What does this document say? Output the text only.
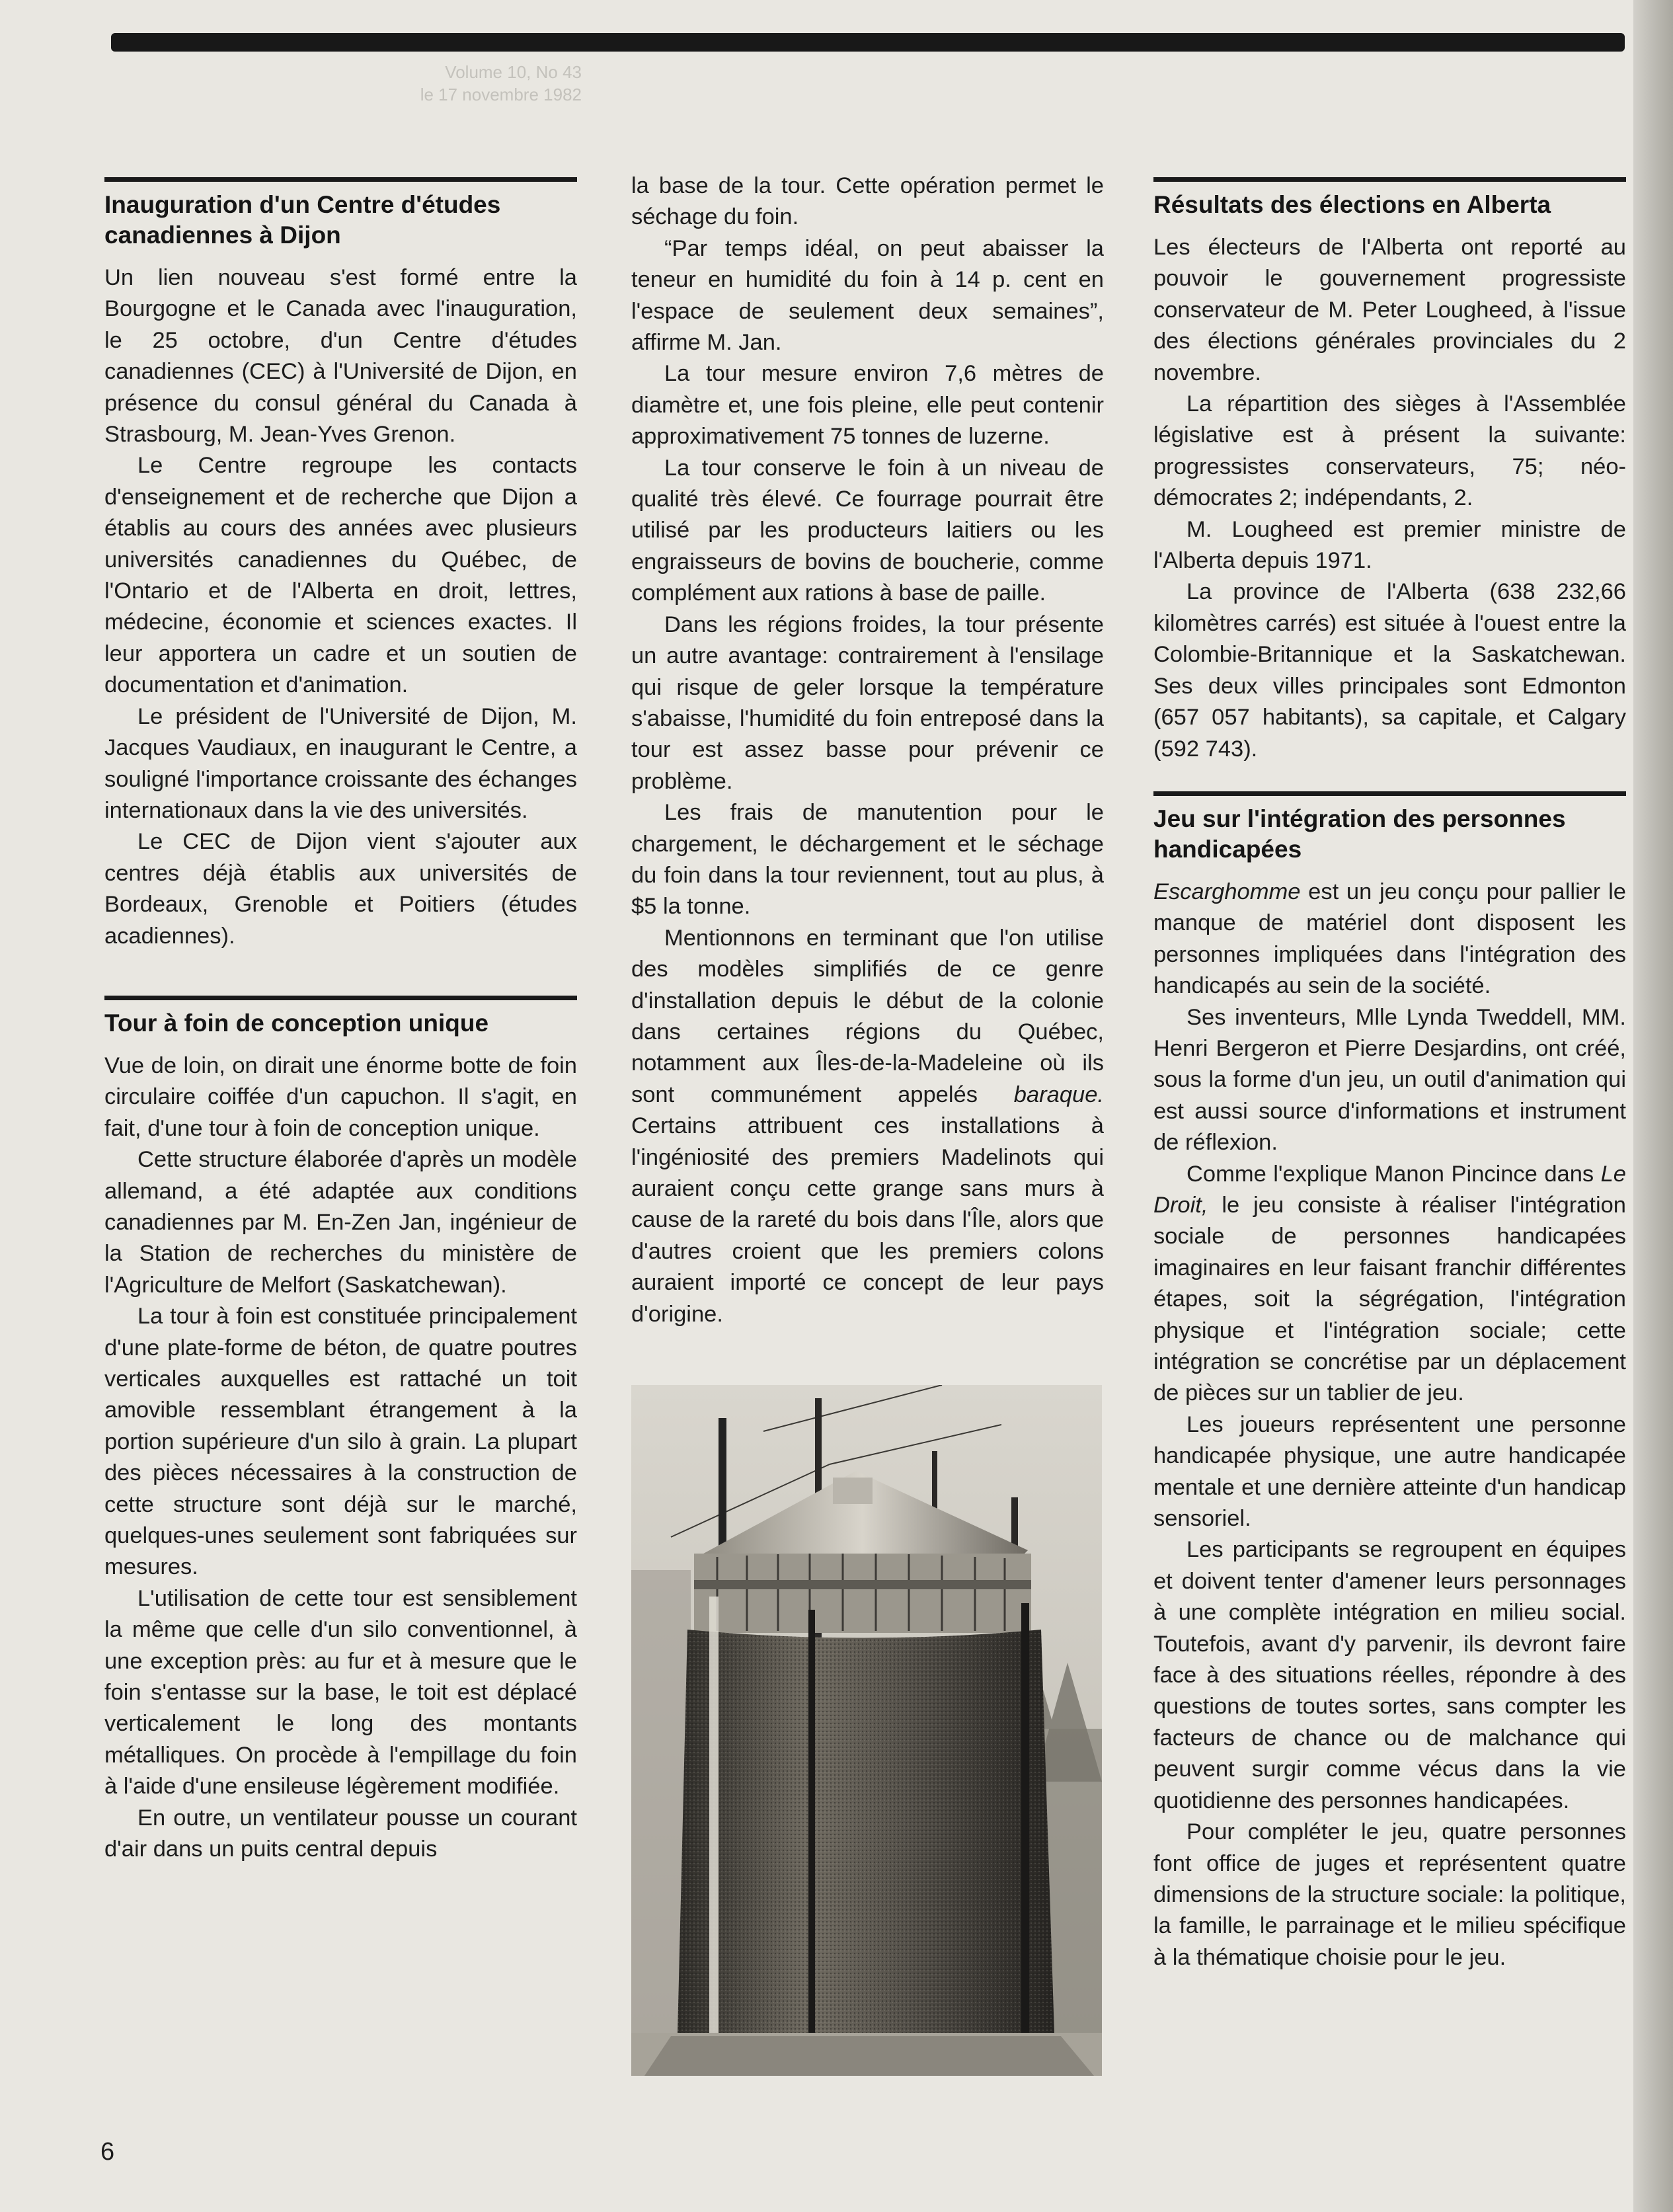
Volume 10, No 43
le 17 novembre 1982
Inauguration d'un Centre d'études canadiennes à Dijon

Un lien nouveau s'est formé entre la Bourgogne et le Canada avec l'inauguration, le 25 octobre, d'un Centre d'études canadiennes (CEC) à l'Université de Dijon, en présence du consul général du Canada à Strasbourg, M. Jean-Yves Grenon.

Le Centre regroupe les contacts d'enseignement et de recherche que Dijon a établis au cours des années avec plusieurs universités canadiennes du Québec, de l'Ontario et de l'Alberta en droit, lettres, médecine, économie et sciences exactes. Il leur apportera un cadre et un soutien de documentation et d'animation.

Le président de l'Université de Dijon, M. Jacques Vaudiaux, en inaugurant le Centre, a souligné l'importance croissante des échanges internationaux dans la vie des universités.

Le CEC de Dijon vient s'ajouter aux centres déjà établis aux universités de Bordeaux, Grenoble et Poitiers (études acadiennes).

Tour à foin de conception unique

Vue de loin, on dirait une énorme botte de foin circulaire coiffée d'un capuchon. Il s'agit, en fait, d'une tour à foin de conception unique.

Cette structure élaborée d'après un modèle allemand, a été adaptée aux conditions canadiennes par M. En-Zen Jan, ingénieur de la Station de recherches du ministère de l'Agriculture de Melfort (Saskatchewan).

La tour à foin est constituée principalement d'une plate-forme de béton, de quatre poutres verticales auxquelles est rattaché un toit amovible ressemblant étrangement à la portion supérieure d'un silo à grain. La plupart des pièces nécessaires à la construction de cette structure sont déjà sur le marché, quelques-unes seulement sont fabriquées sur mesures.

L'utilisation de cette tour est sensiblement la même que celle d'un silo conventionnel, à une exception près: au fur et à mesure que le foin s'entasse sur la base, le toit est déplacé verticalement le long des montants métalliques. On procède à l'empillage du foin à l'aide d'une ensileuse légèrement modifiée.

En outre, un ventilateur pousse un courant d'air dans un puits central depuis

la base de la tour. Cette opération permet le séchage du foin.

“Par temps idéal, on peut abaisser la teneur en humidité du foin à 14 p. cent en l'espace de seulement deux semaines”, affirme M. Jan.

La tour mesure environ 7,6 mètres de diamètre et, une fois pleine, elle peut contenir approximativement 75 tonnes de luzerne.

La tour conserve le foin à un niveau de qualité très élevé. Ce fourrage pourrait être utilisé par les producteurs laitiers ou les engraisseurs de bovins de boucherie, comme complément aux rations à base de paille.

Dans les régions froides, la tour présente un autre avantage: contrairement à l'ensilage qui risque de geler lorsque la température s'abaisse, l'humidité du foin entreposé dans la tour est assez basse pour prévenir ce problème.

Les frais de manutention pour le chargement, le déchargement et le séchage du foin dans la tour reviennent, tout au plus, à $5 la tonne.

Mentionnons en terminant que l'on utilise des modèles simplifiés de ce genre d'installation depuis le début de la colonie dans certaines régions du Québec, notamment aux Îles-de-la-Madeleine où ils sont communément appelés baraque. Certains attribuent ces installations à l'ingéniosité des premiers Madelinots qui auraient conçu cette grange sans murs à cause de la rareté du bois dans l'Île, alors que d'autres croient que les premiers colons auraient importé ce concept de leur pays d'origine.

Résultats des élections en Alberta

Les électeurs de l'Alberta ont reporté au pouvoir le gouvernement progressiste conservateur de M. Peter Lougheed, à l'issue des élections générales provinciales du 2 novembre.

La répartition des sièges à l'Assemblée législative est à présent la suivante: progressistes conservateurs, 75; néo-démocrates 2; indépendants, 2.

M. Lougheed est premier ministre de l'Alberta depuis 1971.

La province de l'Alberta (638 232,66 kilomètres carrés) est située à l'ouest entre la Colombie-Britannique et la Saskatchewan. Ses deux villes principales sont Edmonton (657 057 habitants), sa capitale, et Calgary (592 743).

Jeu sur l'intégration des personnes handicapées

Escarghomme est un jeu conçu pour pallier le manque de matériel dont disposent les personnes impliquées dans l'intégration des handicapés au sein de la société.

Ses inventeurs, Mlle Lynda Tweddell, MM. Henri Bergeron et Pierre Desjardins, ont créé, sous la forme d'un jeu, un outil d'animation qui est aussi source d'informations et instrument de réflexion.

Comme l'explique Manon Pincince dans Le Droit, le jeu consiste à réaliser l'intégration sociale de personnes handicapées imaginaires en leur faisant franchir différentes étapes, soit la ségrégation, l'intégration physique et l'intégration sociale; cette intégration se concrétise par un déplacement de pièces sur un tablier de jeu.

Les joueurs représentent une personne handicapée physique, une autre handicapée mentale et une dernière atteinte d'un handicap sensoriel.

Les participants se regroupent en équipes et doivent tenter d'amener leurs personnages à une complète intégration en milieu social. Toutefois, avant d'y parvenir, ils devront faire face à des situations réelles, répondre à des questions de toutes sortes, sans compter les facteurs de chance ou de malchance qui peuvent surgir comme vécus dans la vie quotidienne des personnes handicapées.

Pour compléter le jeu, quatre personnes font office de juges et représentent quatre dimensions de la structure sociale: la politique, la famille, le parrainage et le milieu spécifique à la thématique choisie pour le jeu.

6
